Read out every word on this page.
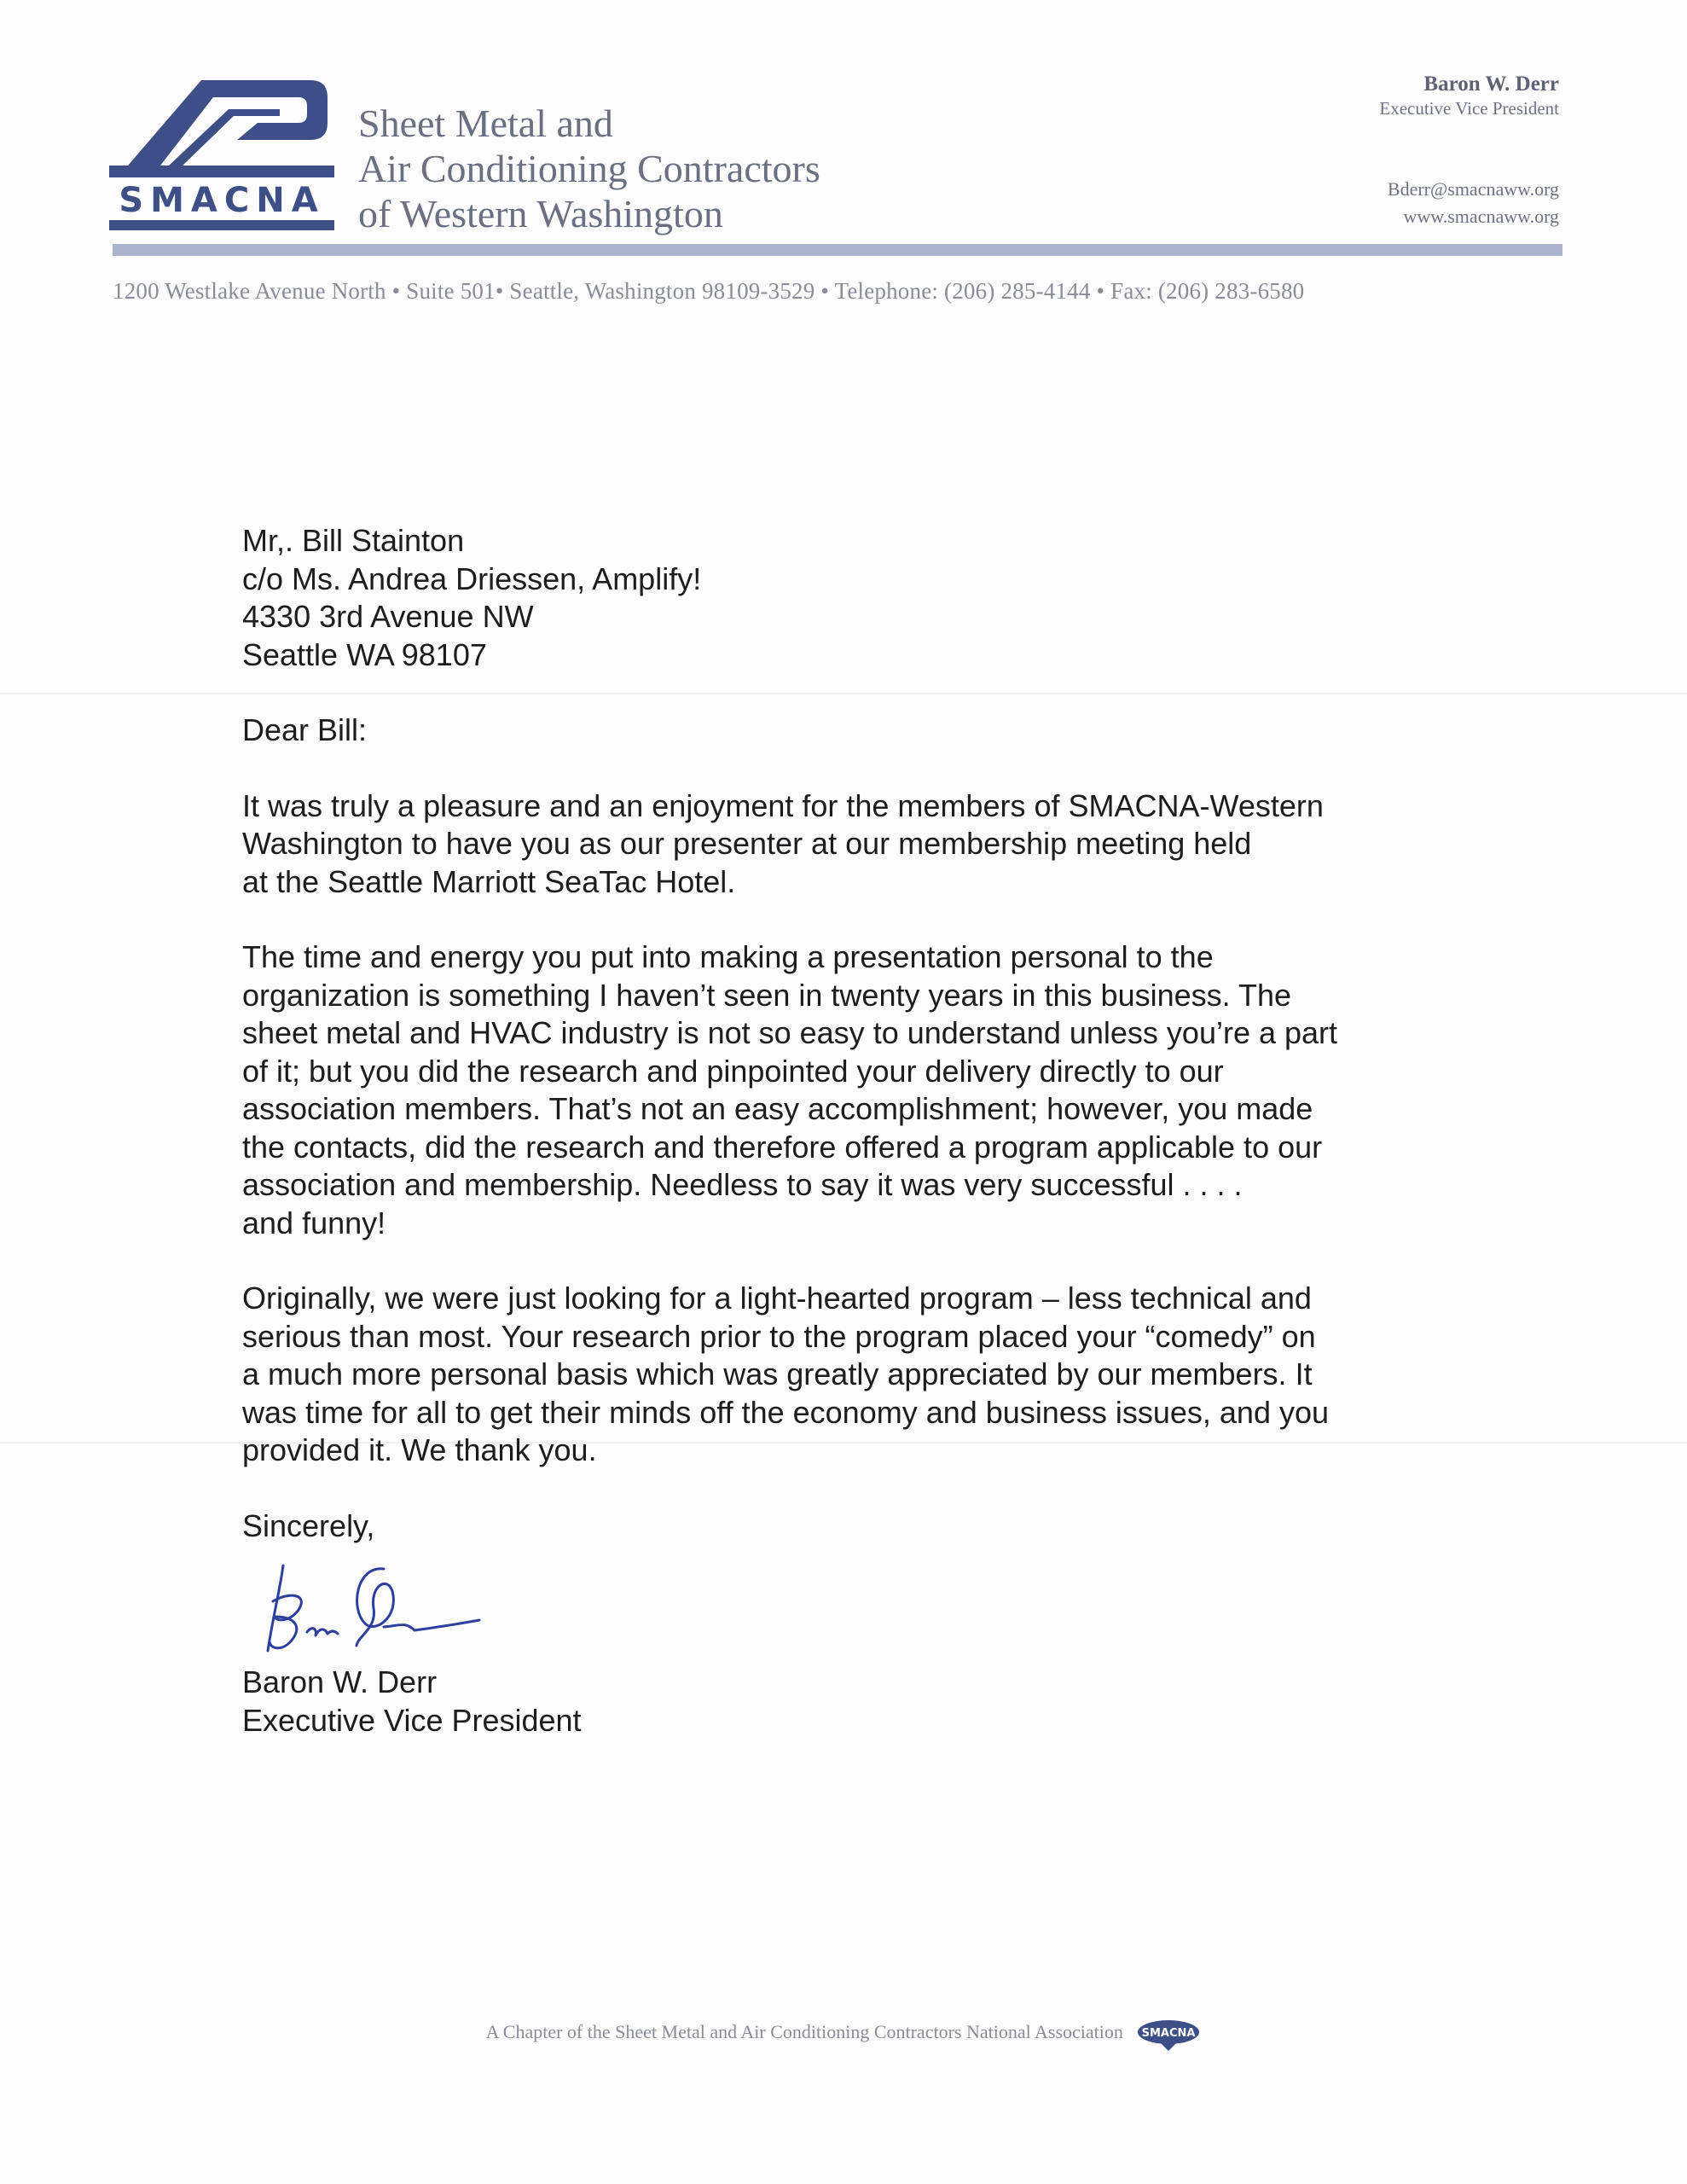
SMACNA
Sheet Metal and
Air Conditioning Contractors
of Western Washington
Baron W. Derr
Executive Vice President
Bderr@smacnaww.org
www.smacnaww.org
1200 Westlake Avenue North • Suite 501• Seattle, Washington 98109-3529 • Telephone: (206) 285-4144 • Fax: (206) 283-6580
Mr,. Bill Stainton
c/o Ms. Andrea Driessen, Amplify!
4330 3rd Avenue NW
Seattle WA 98107
Dear Bill:
It was truly a pleasure and an enjoyment for the members of SMACNA-Western
Washington to have you as our presenter at our membership meeting held
at the Seattle Marriott SeaTac Hotel.
The time and energy you put into making a presentation personal to the
organization is something I haven’t seen in twenty years in this business. The
sheet metal and HVAC industry is not so easy to understand unless you’re a part
of it; but you did the research and pinpointed your delivery directly to our
association members. That’s not an easy accomplishment; however, you made
the contacts, did the research and therefore offered a program applicable to our
association and membership. Needless to say it was very successful . . . .
and funny!
Originally, we were just looking for a light-hearted program – less technical and
serious than most. Your research prior to the program placed your “comedy” on
a much more personal basis which was greatly appreciated by our members. It
was time for all to get their minds off the economy and business issues, and you
provided it. We thank you.
Sincerely,
Baron W. Derr
Executive Vice President
A Chapter of the Sheet Metal and Air Conditioning Contractors National Association SMACNA
